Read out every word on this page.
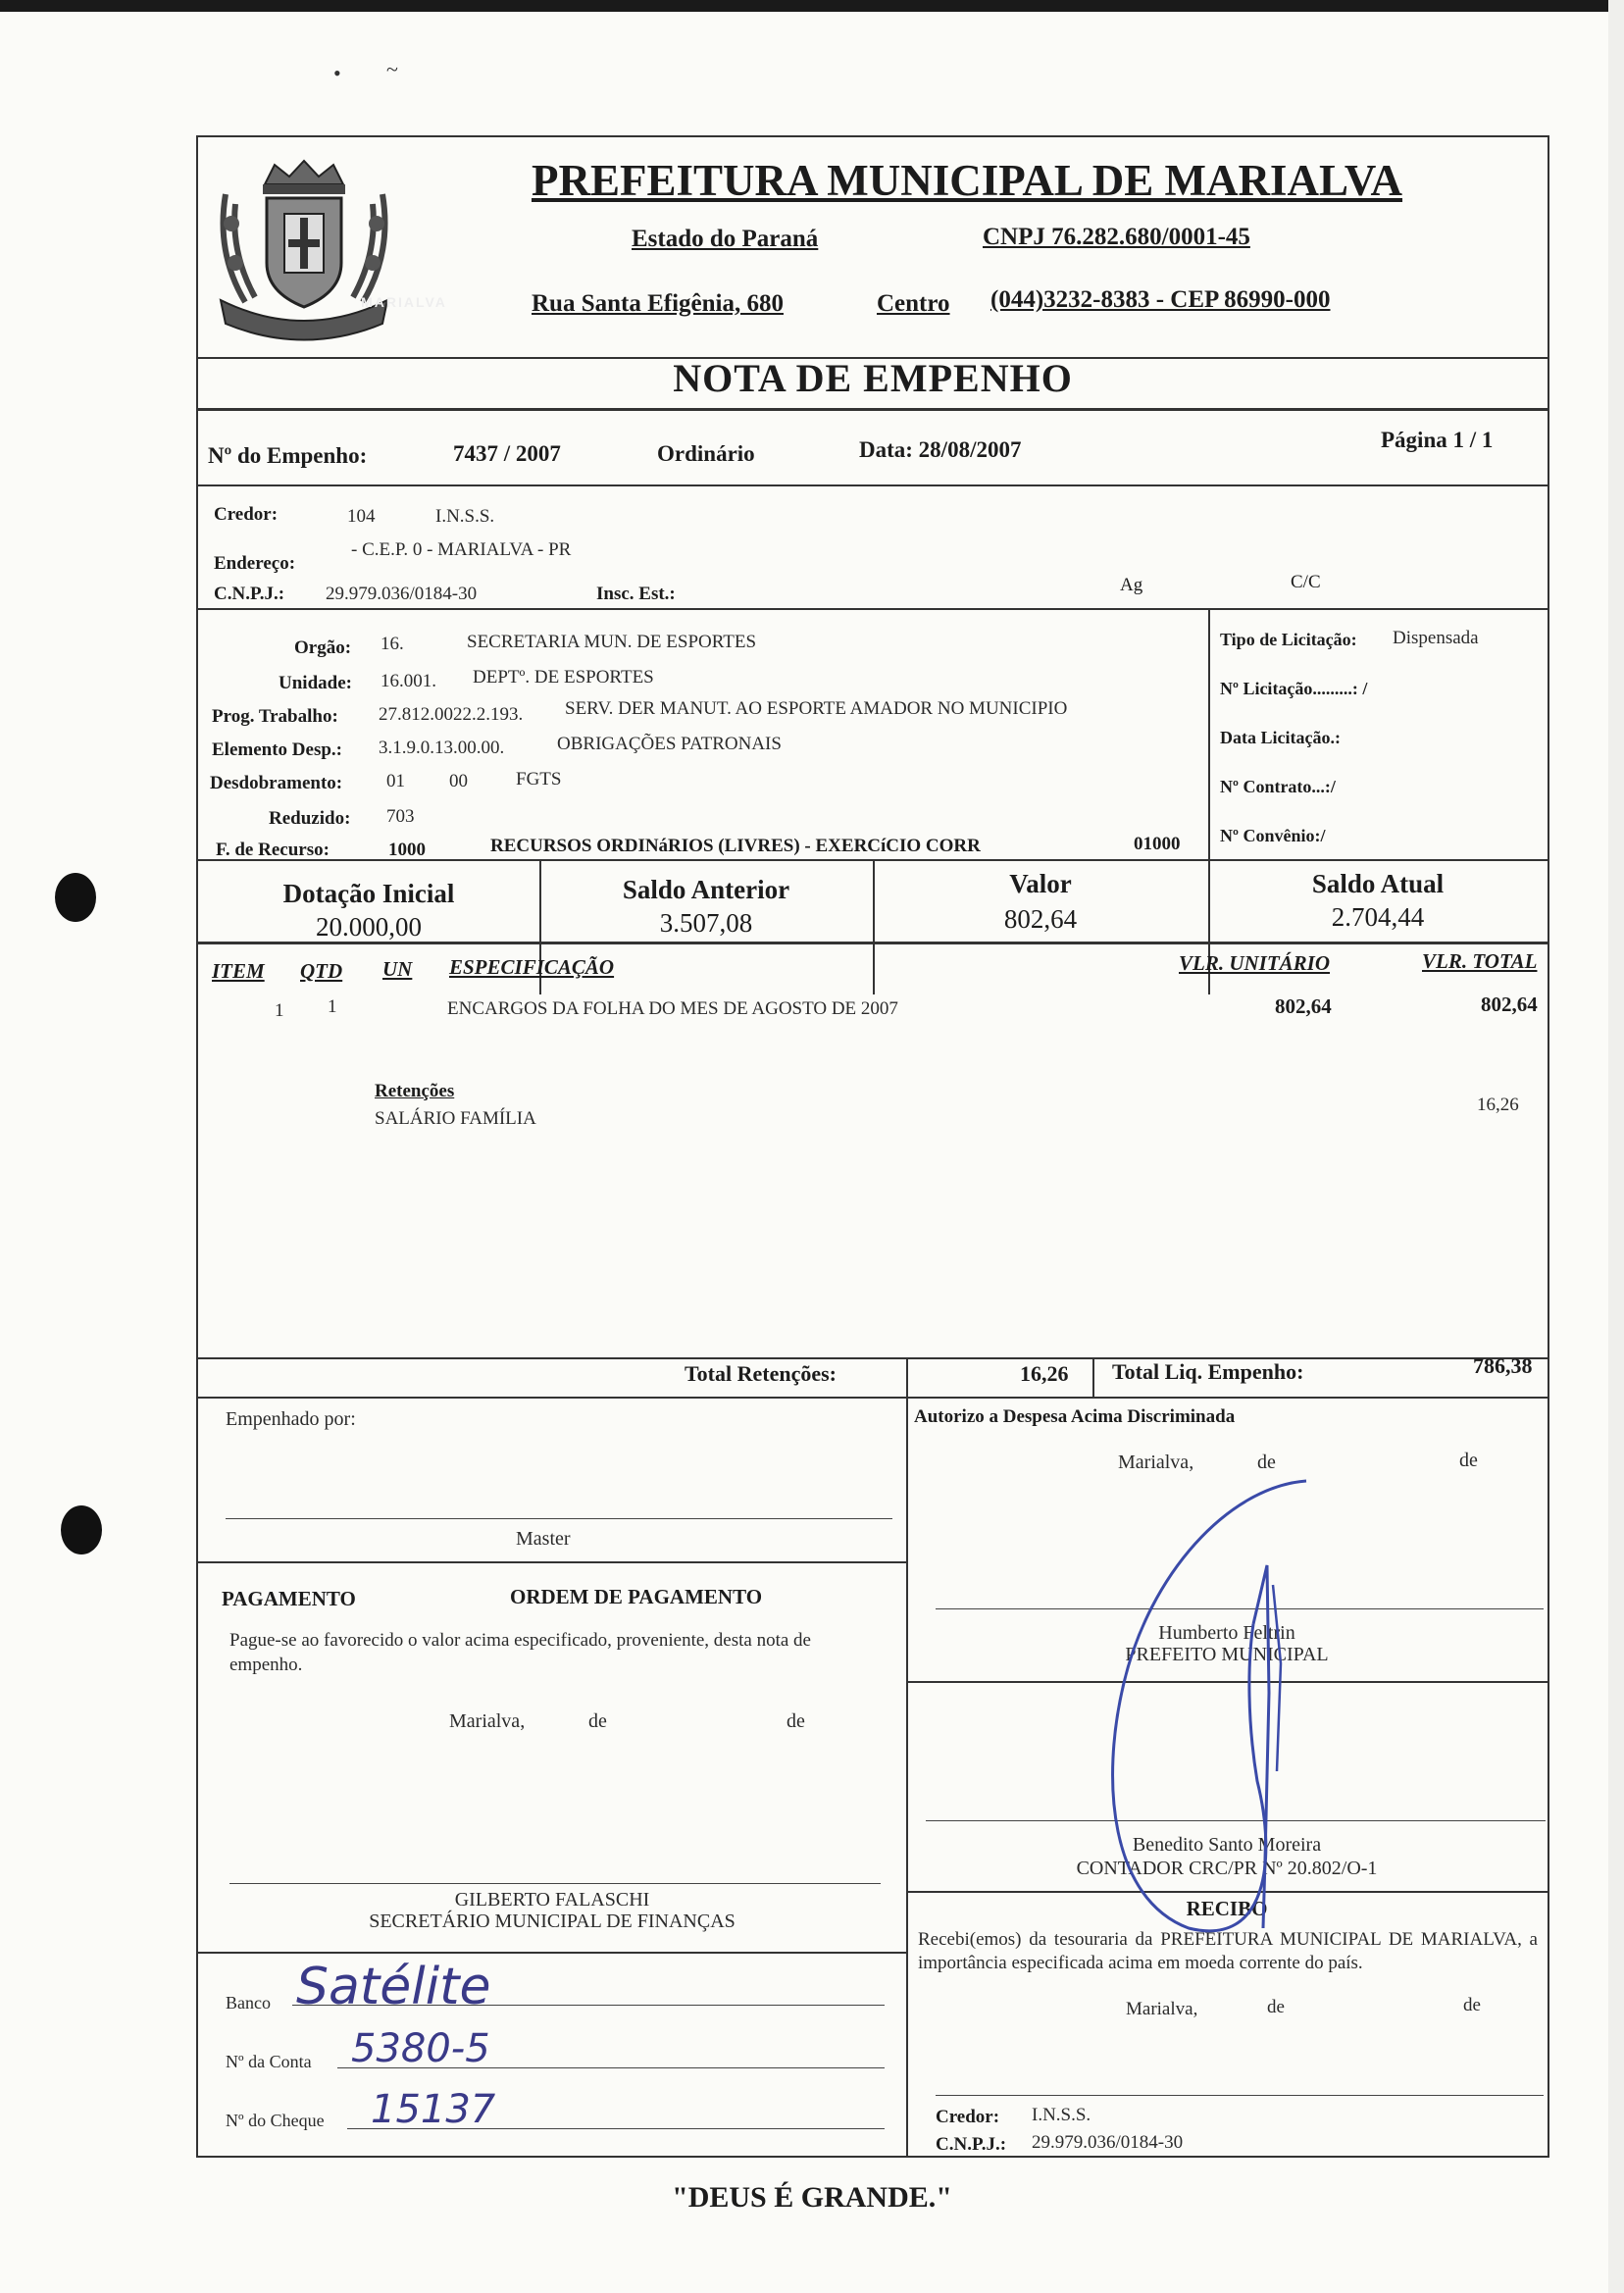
• ~
MARIALVA
PREFEITURA MUNICIPAL DE MARIALVA
Estado do Paraná	CNPJ 76.282.680/0001-45
Rua Santa Efigênia, 680	Centro (044)3232-8383 - CEP 86990-000
NOTA DE EMPENHO
Nº do Empenho:	7437 / 2007	Ordinário	Data: 28/08/2007	Página 1 / 1
Credor:	104	I.N.S.S.
Endereço:
- C.E.P. 0 - MARIALVA - PR
C.N.P.J.: 29.979.036/0184-30	Insc. Est.:	Ag	C/C
Orgão: 16.	SECRETARIA MUN. DE ESPORTES
Unidade: 16.001. DEPTº. DE ESPORTES
Prog. Trabalho: 27.812.0022.2.193. SERV. DER MANUT. AO ESPORTE AMADOR NO MUNICIPIO
Elemento Desp.: 3.1.9.0.13.00.00.	OBRIGAÇÕES PATRONAIS
Desdobramento: 01 00	FGTS
Reduzido: 703
F. de Recurso:	1000	RECURSOS ORDINáRIOS (LIVRES) - EXERCíCIO CORR	01000
Tipo de Licitação: Dispensada
Nº Licitação.........: /
Data Licitação.:
Nº Contrato...:/
Nº Convênio:/
Dotação Inicial
20.000,00
Saldo Anterior
3.507,08
Valor
802,64
Saldo Atual
2.704,44
ITEM QTD UN ESPECIFICAÇÃO	VLR. UNITÁRIO	VLR. TOTAL
1 1	ENCARGOS DA FOLHA DO MES DE AGOSTO DE 2007	802,64	802,64
Retenções
SALÁRIO FAMÍLIA
16,26
Total Retenções:	16,26 Total Liq. Empenho:	786,38
Empenhado por:
Master
PAGAMENTO	ORDEM DE PAGAMENTO
Pague-se ao favorecido o valor acima especificado, proveniente, desta nota de empenho.
Marialva,	de	de
GILBERTO FALASCHI
SECRETÁRIO MUNICIPAL DE FINANÇAS
Banco Satélite
Nº da Conta 5380-5
Nº do Cheque 15137
Autorizo a Despesa Acima Discriminada
Marialva,	de	de
Humberto Feltrin
PREFEITO MUNICIPAL
Benedito Santo Moreira
CONTADOR CRC/PR Nº 20.802/O-1
RECIBO
Recebi(emos) da tesouraria da PREFEITURA MUNICIPAL DE MARIALVA, a importância especificada acima em moeda corrente do país.
Marialva,	de	de
Credor: I.N.S.S.
C.N.P.J.: 29.979.036/0184-30
"DEUS É GRANDE."
